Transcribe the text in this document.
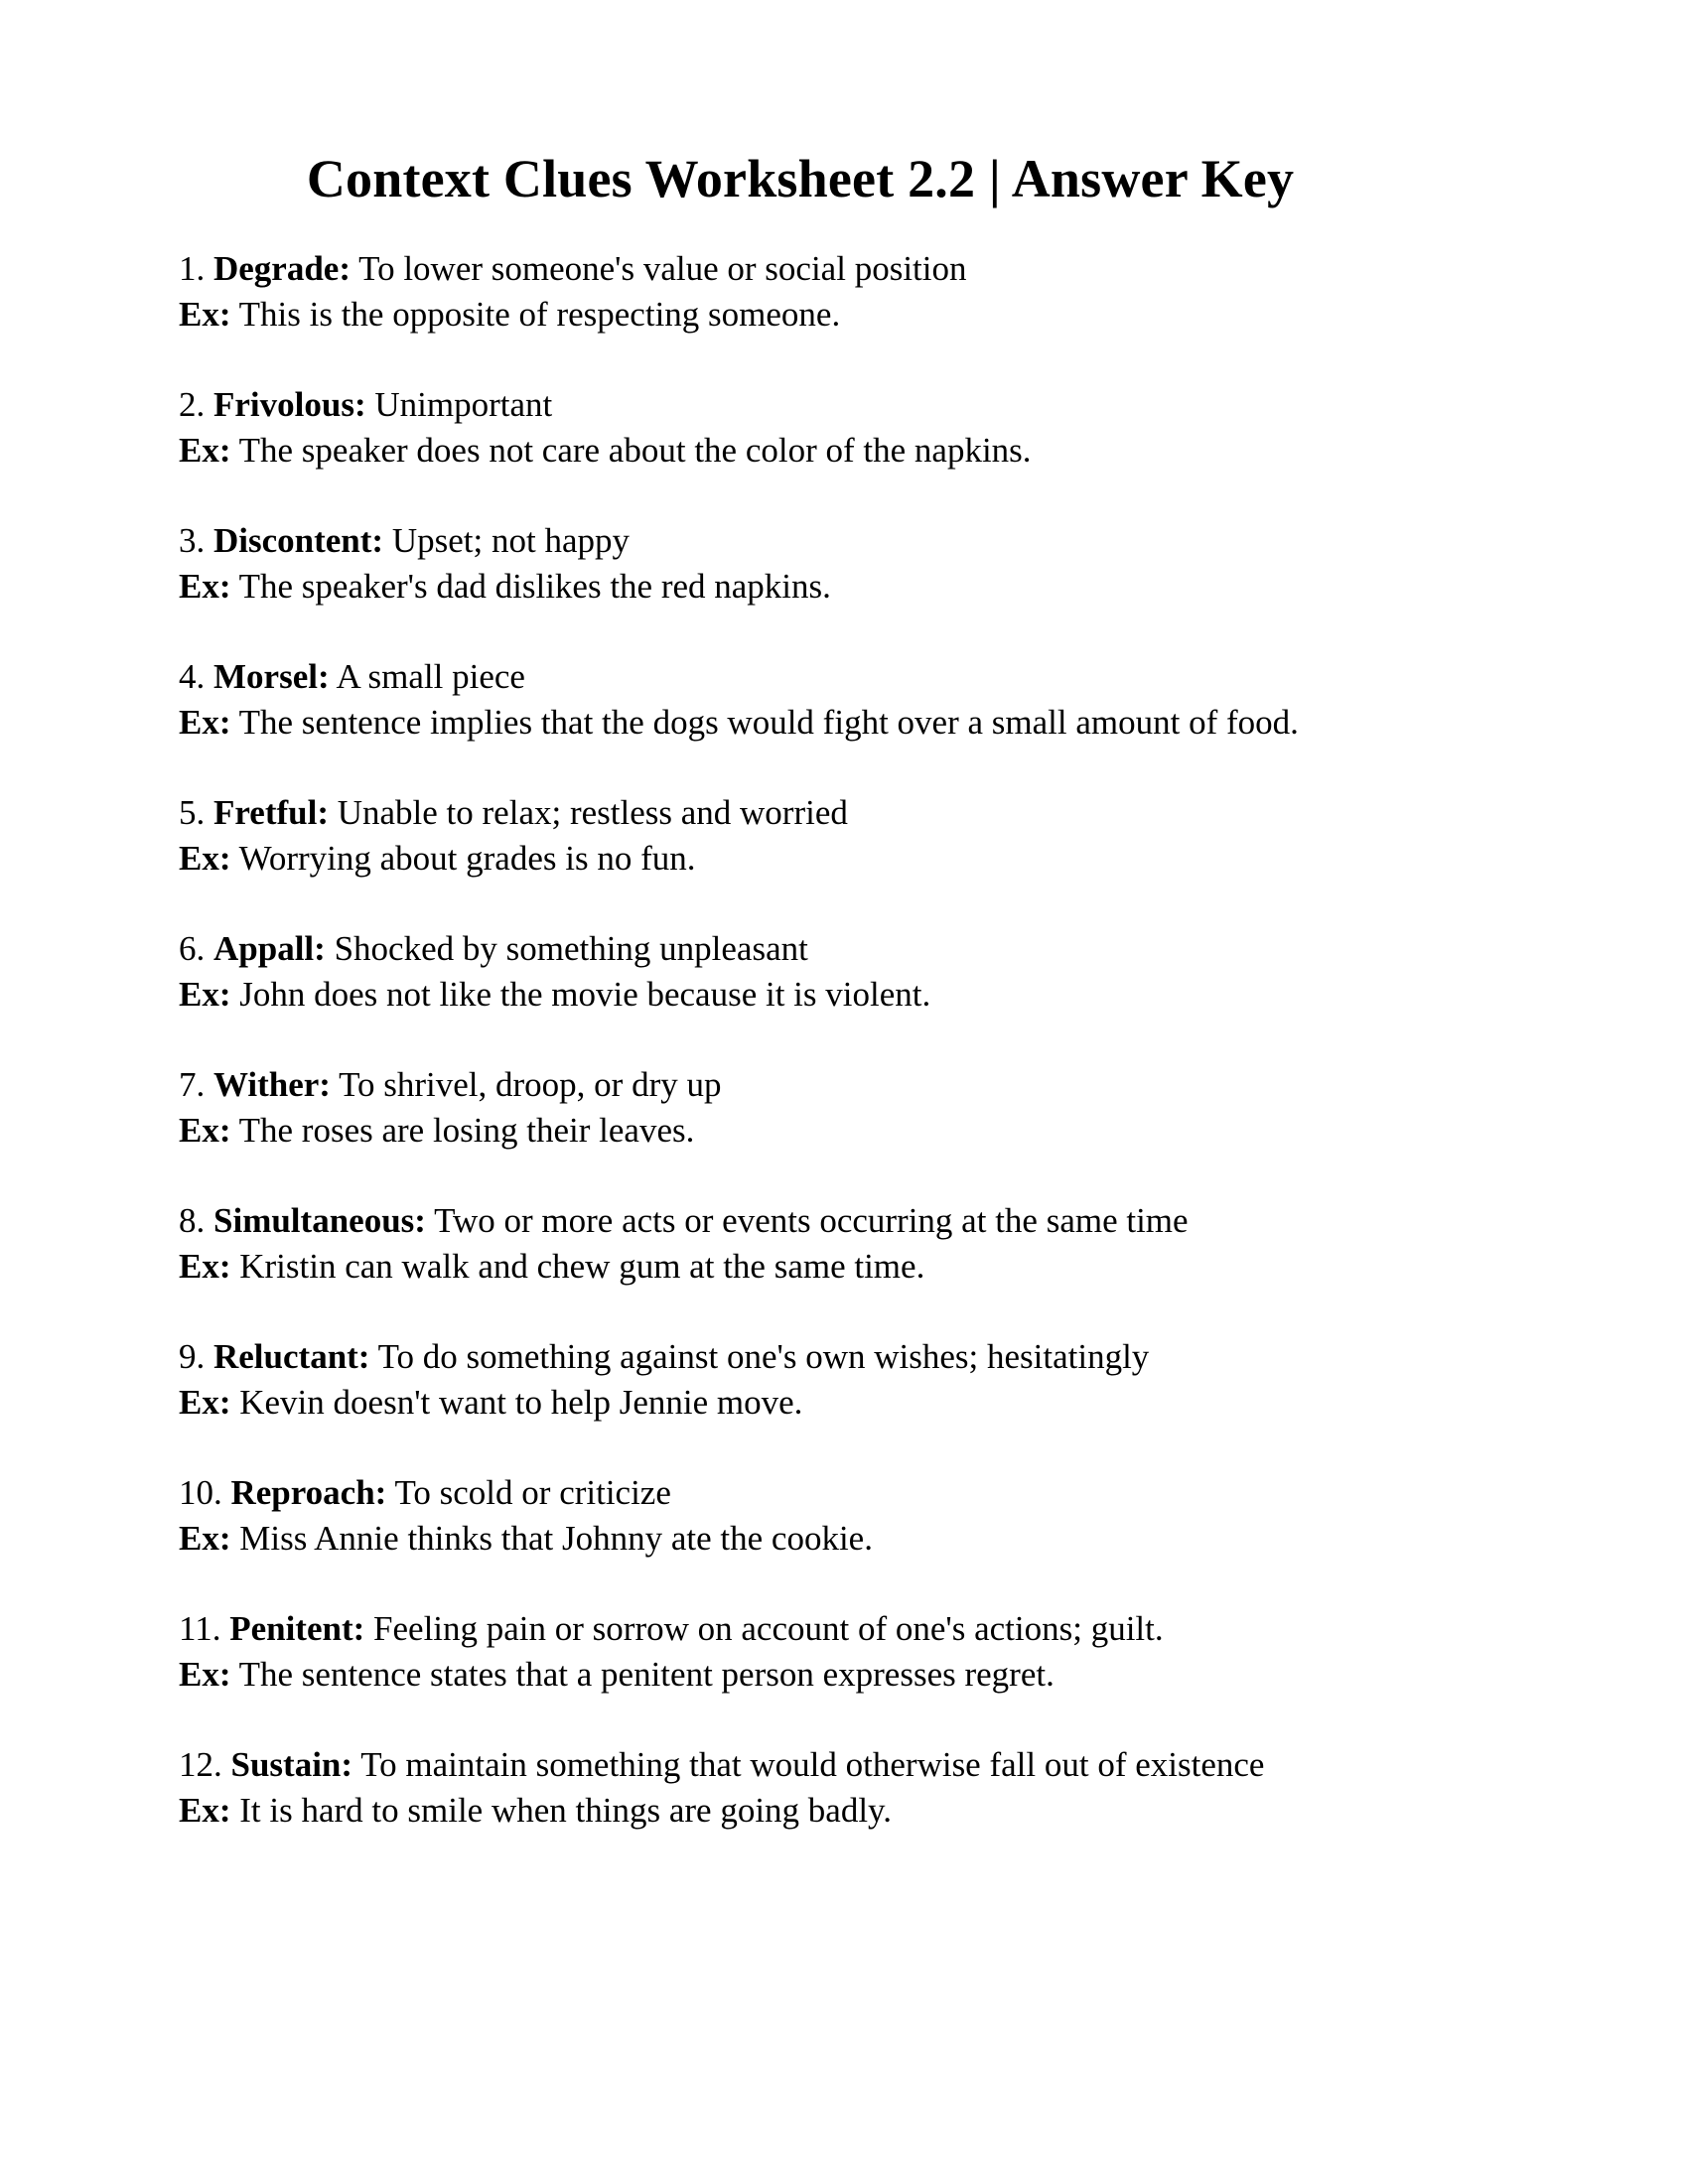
Context Clues Worksheet 2.2 | Answer Key

1. Degrade: To lower someone's value or social position

Ex: This is the opposite of respecting someone.

2. Frivolous: Unimportant

Ex: The speaker does not care about the color of the napkins.

3. Discontent: Upset; not happy

Ex: The speaker's dad dislikes the red napkins.

4. Morsel: A small piece

Ex: The sentence implies that the dogs would fight over a small amount of food.

5. Fretful: Unable to relax; restless and worried

Ex: Worrying about grades is no fun.

6. Appall: Shocked by something unpleasant

Ex: John does not like the movie because it is violent.

7. Wither: To shrivel, droop, or dry up

Ex: The roses are losing their leaves.

8. Simultaneous: Two or more acts or events occurring at the same time

Ex: Kristin can walk and chew gum at the same time.

9. Reluctant: To do something against one's own wishes; hesitatingly

Ex: Kevin doesn't want to help Jennie move.

10. Reproach: To scold or criticize

Ex: Miss Annie thinks that Johnny ate the cookie.

11. Penitent: Feeling pain or sorrow on account of one's actions; guilt.

Ex: The sentence states that a penitent person expresses regret.

12. Sustain: To maintain something that would otherwise fall out of existence

Ex: It is hard to smile when things are going badly.
